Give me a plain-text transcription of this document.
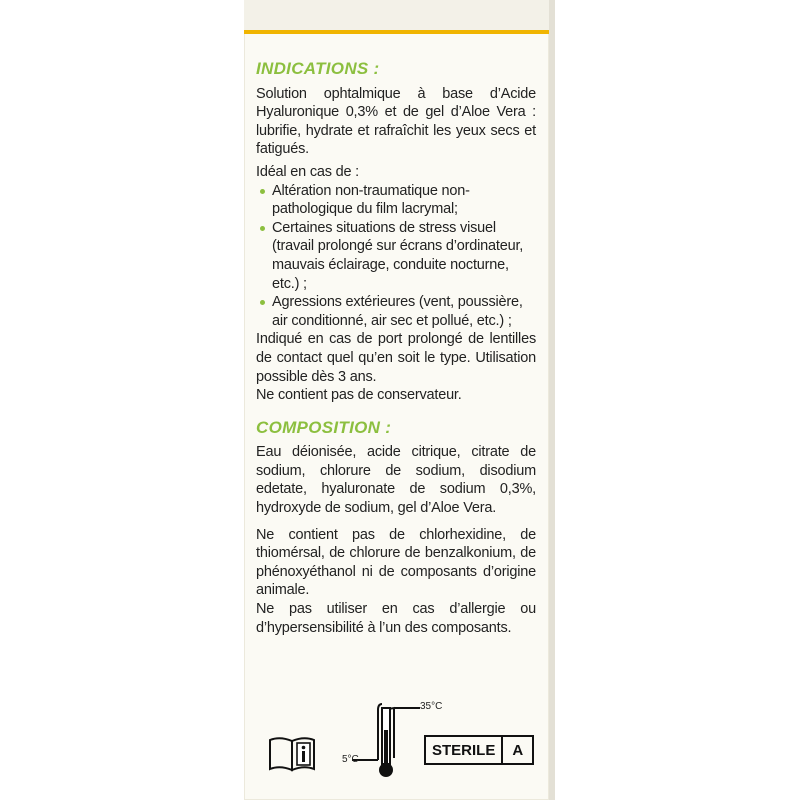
INDICATIONS :

Solution ophtalmique à base d’Acide Hyaluronique 0,3% et de gel d’Aloe Vera : lubrifie, hydrate et rafraîchit les yeux secs et fatigués.

Idéal en cas de :

Altération non-traumatique non-pathologique du film lacrymal;
Certaines situations de stress visuel (travail prolongé sur écrans d’ordinateur, mauvais éclairage, conduite nocturne, etc.) ;
Agressions extérieures (vent, poussière, air conditionné, air sec et pollué, etc.) ;

Indiqué en cas de port prolongé de lentilles de contact quel qu’en soit le type. Utilisation possible dès 3 ans.

Ne contient pas de conservateur.

COMPOSITION :

Eau déionisée, acide citrique, citrate de sodium, chlorure de sodium, disodium edetate, hyaluronate de sodium 0,3%, hydroxyde de sodium, gel d’Aloe Vera.

Ne contient pas de chlorhexidine, de thiomérsal, de chlorure de benzalkonium, de phénoxyéthanol ni de composants d’origine animale.

Ne pas utiliser en cas d’allergie ou d’hypersensibilité à l’un des composants.

35°C
5°C
STERILE	A
